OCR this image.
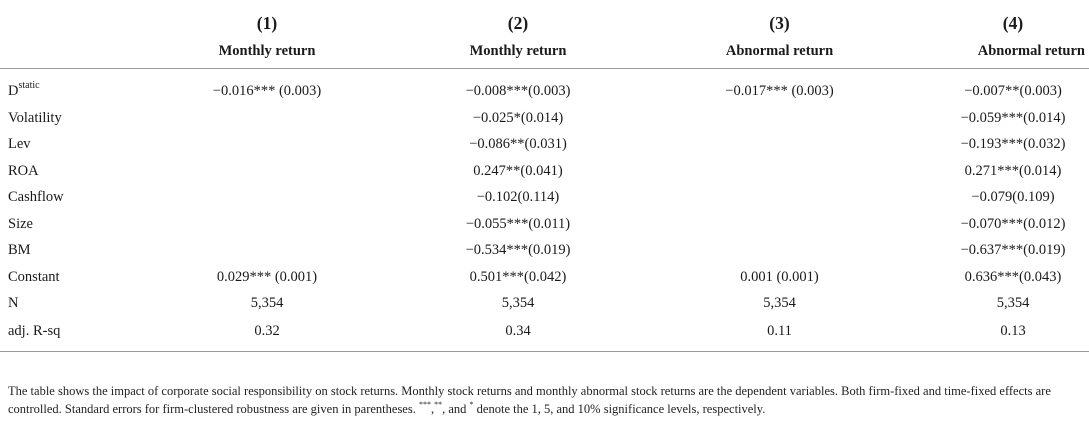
	(1)	(2)	(3)	(4)
	Monthly return	Monthly return	Abnormal return	Abnormal return
$D^{static}$	−0.016*** (0.003)	−0.008***(0.003)	−0.017*** (0.003)	−0.007**(0.003)
Volatility		−0.025*(0.014)		−0.059***(0.014)
Lev		−0.086**(0.031)		−0.193***(0.032)
ROA		0.247**(0.041)		0.271***(0.014)
Cashflow		−0.102(0.114)		−0.079(0.109)
Size		−0.055***(0.011)		−0.070***(0.012)
BM		−0.534***(0.019)		−0.637***(0.019)
Constant	0.029*** (0.001)	0.501***(0.042)	0.001 (0.001)	0.636***(0.043)
N	5,354	5,354	5,354	5,354
adj. R-sq	0.32	0.34	0.11	0.13
The table shows the impact of corporate social responsibility on stock returns. Monthly stock returns and monthly abnormal stock returns are the dependent variables. Both firm-fixed and time-fixed effects are controlled. Standard errors for firm-clustered robustness are given in parentheses. ***,**, and * denote the 1, 5, and 10% significance levels, respectively.
